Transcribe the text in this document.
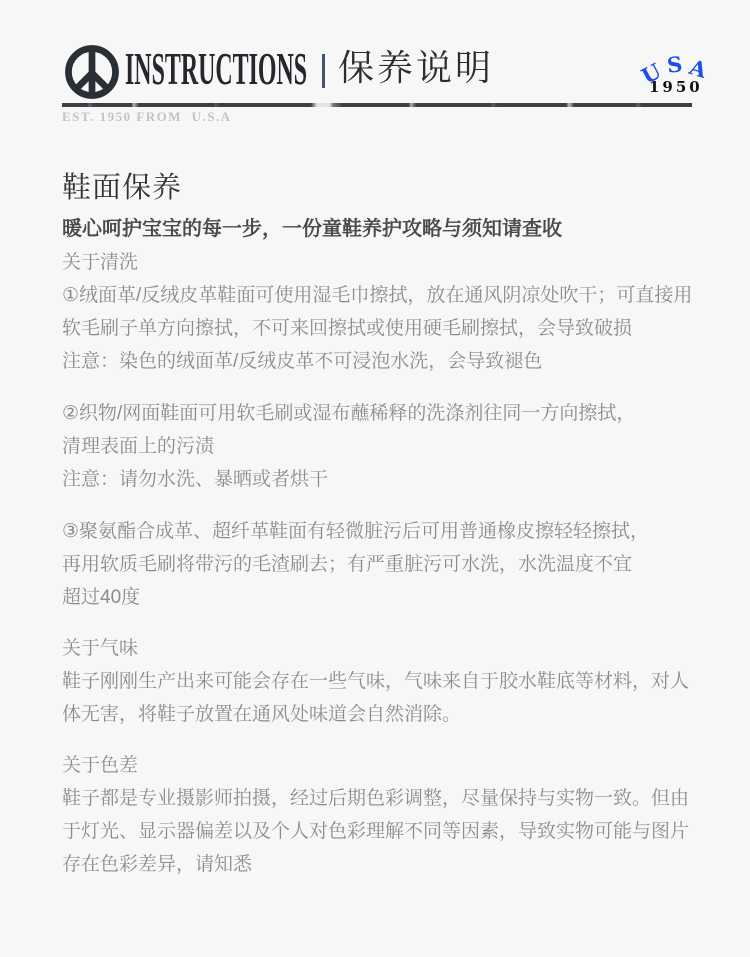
INSTRUCTIONS 保养说明	U S A
1950
EST. 1950 FROM  U.S.A
鞋面保养
暖心呵护宝宝的每一步，一份童鞋养护攻略与须知请查收
关于清洗
①绒面革/反绒皮革鞋面可使用湿毛巾擦拭，放在通风阴凉处吹干；可直接用
软毛刷子单方向擦拭，不可来回擦拭或使用硬毛刷擦拭，会导致破损
注意：染色的绒面革/反绒皮革不可浸泡水洗，会导致褪色
②织物/网面鞋面可用软毛刷或湿布蘸稀释的洗涤剂往同一方向擦拭，
清理表面上的污渍
注意：请勿水洗、暴晒或者烘干
③聚氨酯合成革、超纤革鞋面有轻微脏污后可用普通橡皮擦轻轻擦拭，
再用软质毛刷将带污的毛渣刷去；有严重脏污可水洗，水洗温度不宜
超过40度
关于气味
鞋子刚刚生产出来可能会存在一些气味，气味来自于胶水鞋底等材料，对人
体无害，将鞋子放置在通风处味道会自然消除。
关于色差
鞋子都是专业摄影师拍摄，经过后期色彩调整，尽量保持与实物一致。但由
于灯光、显示器偏差以及个人对色彩理解不同等因素，导致实物可能与图片
存在色彩差异，请知悉
